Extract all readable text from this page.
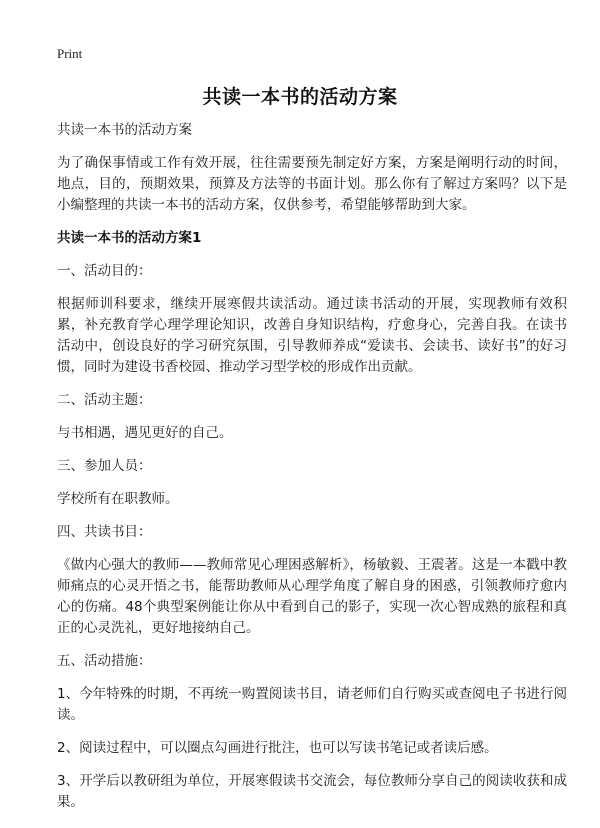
Print
共读一本书的活动方案

共读一本书的活动方案

为了确保事情或工作有效开展，往往需要预先制定好方案，方案是阐明行动的时间，地点，目的，预期效果，预算及方法等的书面计划。那么你有了解过方案吗？以下是小编整理的共读一本书的活动方案，仅供参考，希望能够帮助到大家。

共读一本书的活动方案1

一、活动目的：

根据师训科要求，继续开展寒假共读活动。通过读书活动的开展，实现教师有效积累，补充教育学心理学理论知识，改善自身知识结构，疗愈身心，完善自我。在读书活动中，创设良好的学习研究氛围，引导教师养成“爱读书、会读书、读好书”的好习惯，同时为建设书香校园、推动学习型学校的形成作出贡献。

二、活动主题：

与书相遇，遇见更好的自己。

三、参加人员：

学校所有在职教师。

四、共读书目：

《做内心强大的教师——教师常见心理困惑解析》，杨敏毅、王震著。这是一本戳中教师痛点的心灵开悟之书，能帮助教师从心理学角度了解自身的困惑，引领教师疗愈内心的伤痛。48个典型案例能让你从中看到自己的影子，实现一次心智成熟的旅程和真正的心灵洗礼，更好地接纳自己。

五、活动措施：

1、今年特殊的时期，不再统一购置阅读书目，请老师们自行购买或查阅电子书进行阅读。

2、阅读过程中，可以圈点勾画进行批注，也可以写读书笔记或者读后感。

3、开学后以教研组为单位，开展寒假读书交流会，每位教师分享自己的阅读收获和成果。
